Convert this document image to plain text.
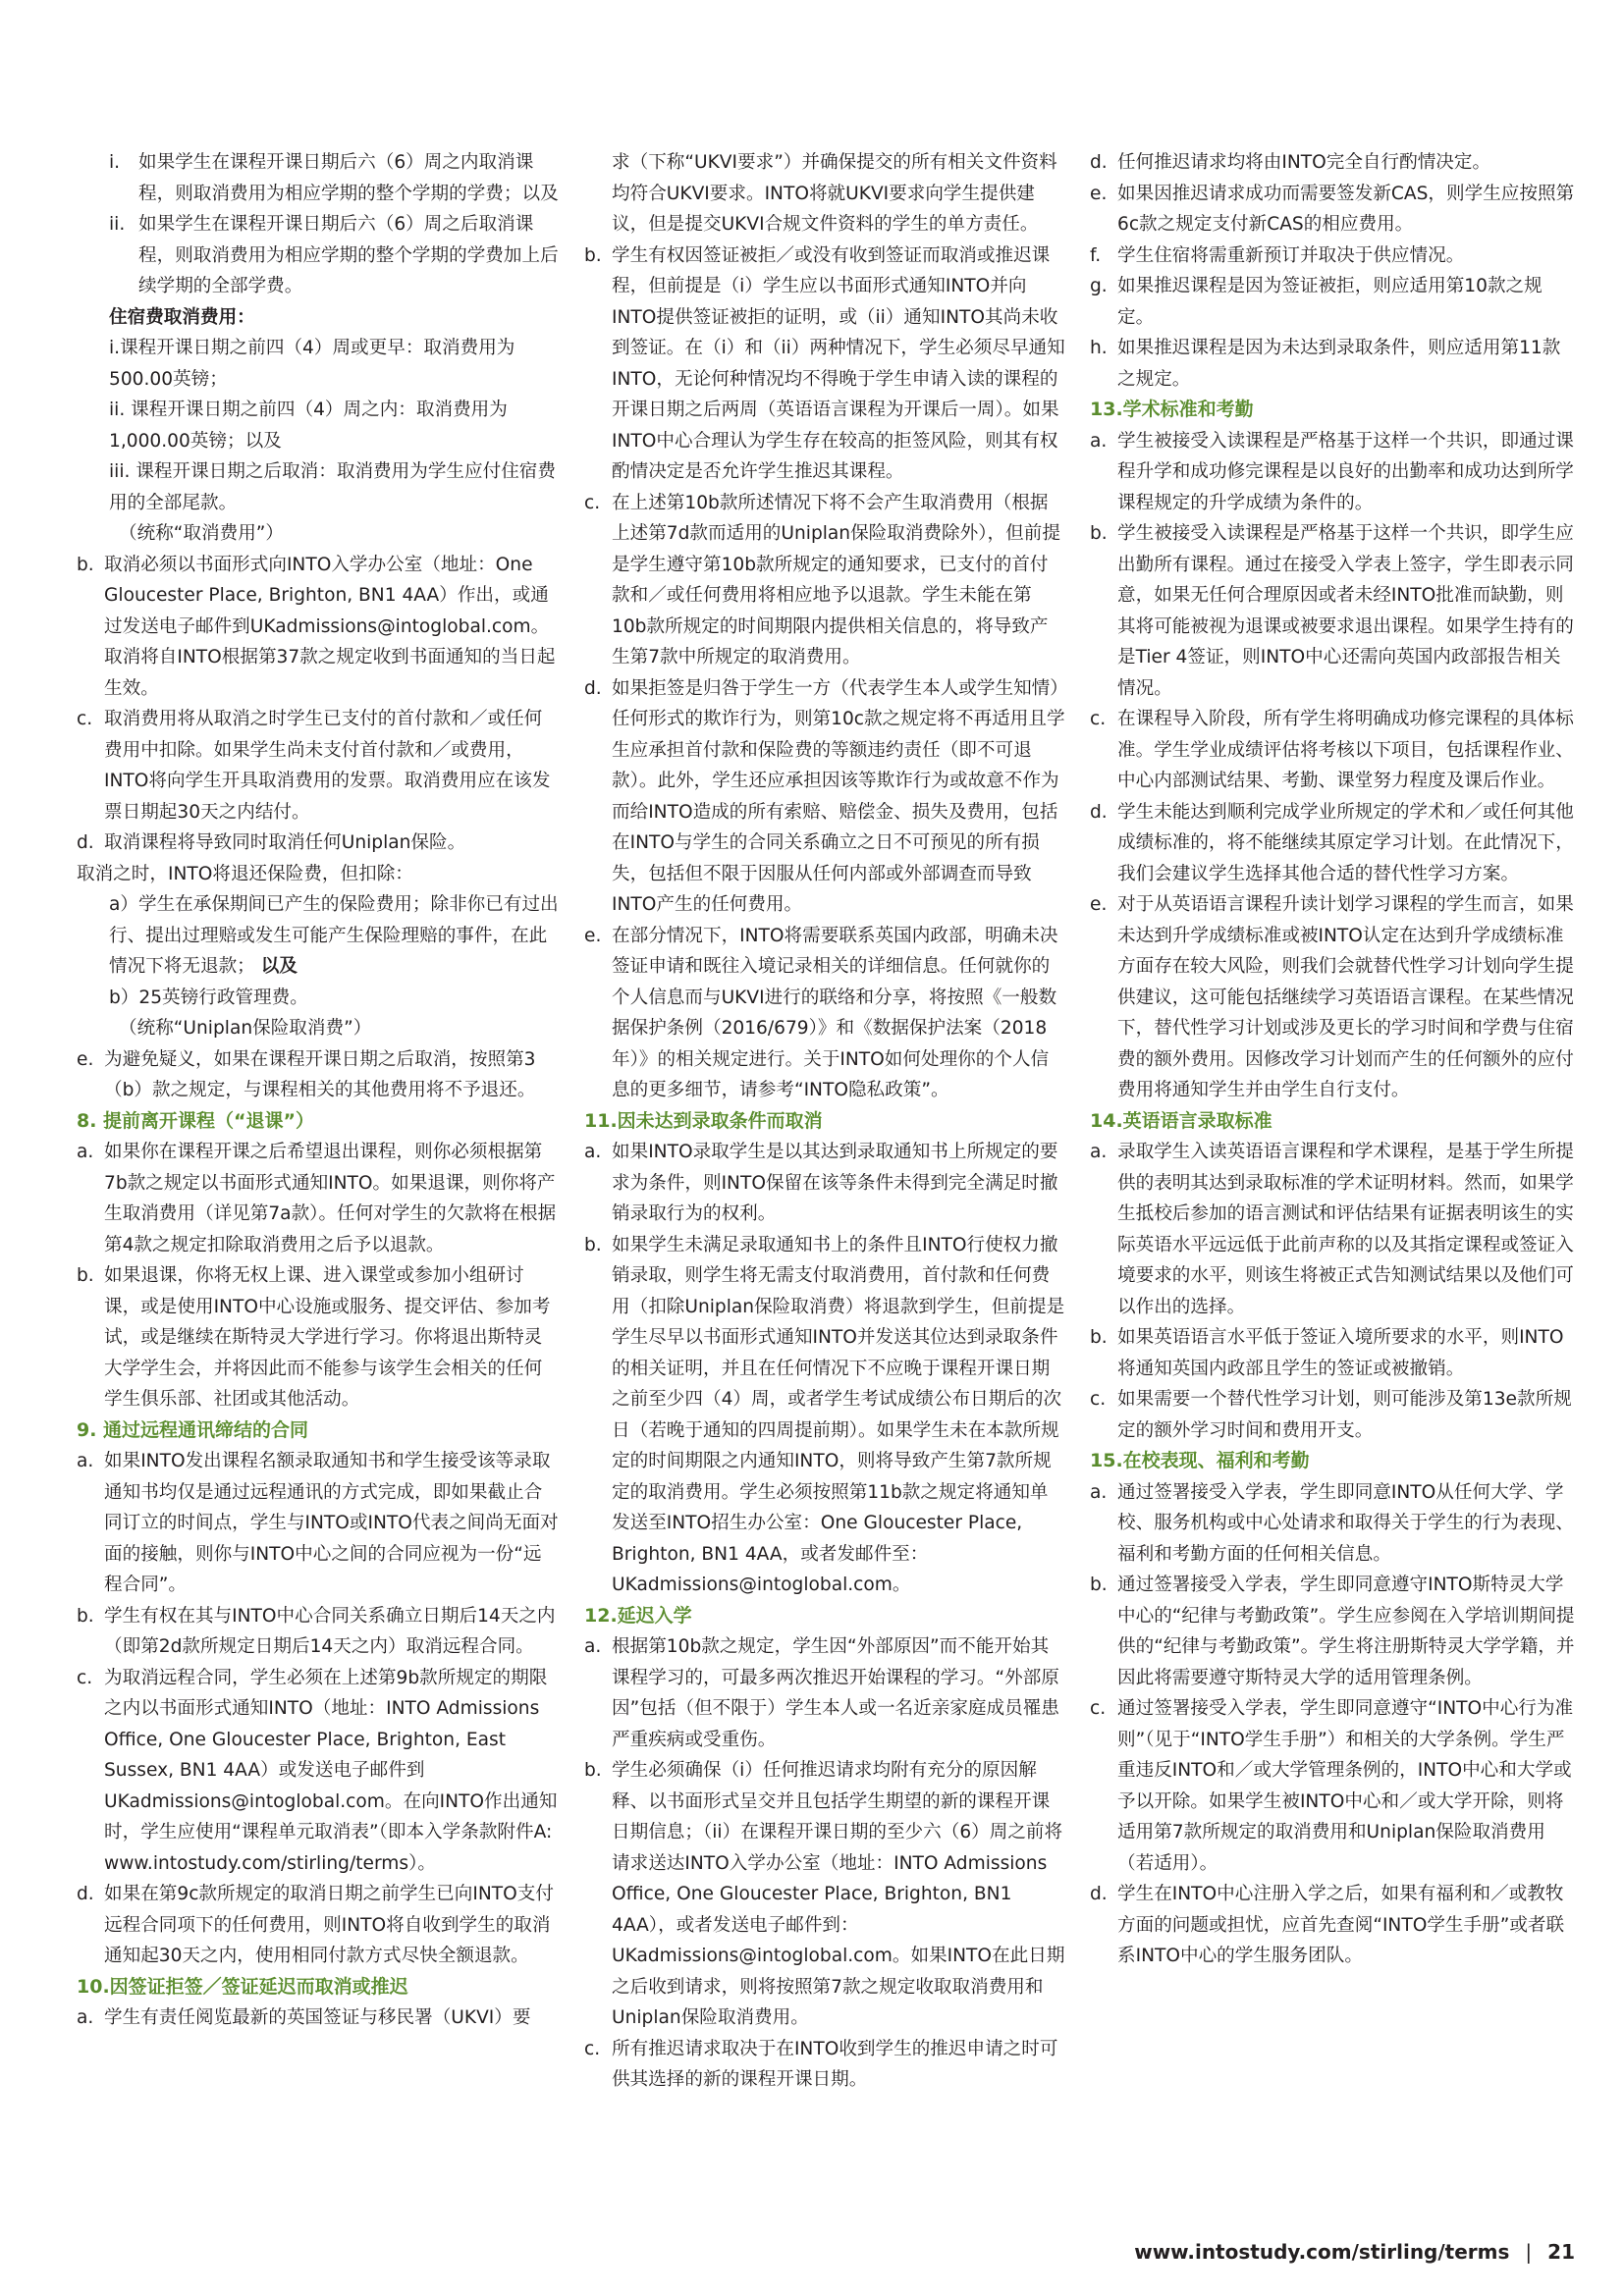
i.	如果学生在课程开课日期后六（6）周之内取消课程，则取消费用为相应学期的整个学期的学费；以及
ii. 如果学生在课程开课日期后六（6）周之后取消课程，则取消费用为相应学期的整个学期的学费加上后续学期的全部学费。
住宿费取消费用：
i.课程开课日期之前四（4）周或更早：取消费用为500.00英镑；
ii. 课程开课日期之前四（4）周之内：取消费用为1,000.00英镑；以及
iii. 课程开课日期之后取消：取消费用为学生应付住宿费用的全部尾款。
（统称“取消费用”）
b. 取消必须以书面形式向INTO入学办公室（地址：One Gloucester Place, Brighton, BN1 4AA）作出，或通过发送电子邮件到UKadmissions@intoglobal.com。取消将自INTO根据第37款之规定收到书面通知的当日起生效。
c. 取消费用将从取消之时学生已支付的首付款和／或任何费用中扣除。如果学生尚未支付首付款和／或费用，INTO将向学生开具取消费用的发票。取消费用应在该发票日期起30天之内结付。
d. 取消课程将导致同时取消任何Uniplan保险。
取消之时，INTO将退还保险费，但扣除：
a）学生在承保期间已产生的保险费用；除非你已有过出行、提出过理赔或发生可能产生保险理赔的事件，在此情况下将无退款； 以及
b）25英镑行政管理费。
（统称“Uniplan保险取消费”）
e. 为避免疑义，如果在课程开课日期之后取消，按照第3（b）款之规定，与课程相关的其他费用将不予退还。
8. 提前离开课程（“退课”）
a. 如果你在课程开课之后希望退出课程，则你必须根据第7b款之规定以书面形式通知INTO。如果退课，则你将产生取消费用（详见第7a款）。任何对学生的欠款将在根据第4款之规定扣除取消费用之后予以退款。
b. 如果退课，你将无权上课、进入课堂或参加小组研讨课，或是使用INTO中心设施或服务、提交评估、参加考试，或是继续在斯特灵大学进行学习。你将退出斯特灵大学学生会，并将因此而不能参与该学生会相关的任何学生俱乐部、社团或其他活动。
9. 通过远程通讯缔结的合同
a. 如果INTO发出课程名额录取通知书和学生接受该等录取通知书均仅是通过远程通讯的方式完成，即如果截止合同订立的时间点，学生与INTO或INTO代表之间尚无面对面的接触，则你与INTO中心之间的合同应视为一份“远程合同”。
b. 学生有权在其与INTO中心合同关系确立日期后14天之内（即第2d款所规定日期后14天之内）取消远程合同。
c. 为取消远程合同，学生必须在上述第9b款所规定的期限之内以书面形式通知INTO（地址：INTO Admissions Office, One Gloucester Place, Brighton, East Sussex, BN1 4AA）或发送电子邮件到UKadmissions@intoglobal.com。在向INTO作出通知时，学生应使用“课程单元取消表”（即本入学条款附件A: www.intostudy.com/stirling/terms）。
d. 如果在第9c款所规定的取消日期之前学生已向INTO支付远程合同项下的任何费用，则INTO将自收到学生的取消通知起30天之内，使用相同付款方式尽快全额退款。
10.因签证拒签／签证延迟而取消或推迟
a. 学生有责任阅览最新的英国签证与移民署（UKVI）要
求（下称“UKVI要求”）并确保提交的所有相关文件资料均符合UKVI要求。INTO将就UKVI要求向学生提供建议，但是提交UKVI合规文件资料的学生的单方责任。
b. 学生有权因签证被拒／或没有收到签证而取消或推迟课程，但前提是（i）学生应以书面形式通知INTO并向INTO提供签证被拒的证明，或（ii）通知INTO其尚未收到签证。在（i）和（ii）两种情况下，学生必须尽早通知INTO，无论何种情况均不得晚于学生申请入读的课程的开课日期之后两周（英语语言课程为开课后一周）。如果INTO中心合理认为学生存在较高的拒签风险，则其有权酌情决定是否允许学生推迟其课程。
c. 在上述第10b款所述情况下将不会产生取消费用（根据上述第7d款而适用的Uniplan保险取消费除外），但前提是学生遵守第10b款所规定的通知要求，已支付的首付款和／或任何费用将相应地予以退款。学生未能在第10b款所规定的时间期限内提供相关信息的，将导致产生第7款中所规定的取消费用。
d. 如果拒签是归咎于学生一方（代表学生本人或学生知情）任何形式的欺诈行为，则第10c款之规定将不再适用且学生应承担首付款和保险费的等额违约责任（即不可退款）。此外，学生还应承担因该等欺诈行为或故意不作为而给INTO造成的所有索赔、赔偿金、损失及费用，包括在INTO与学生的合同关系确立之日不可预见的所有损失，包括但不限于因服从任何内部或外部调查而导致INTO产生的任何费用。
e. 在部分情况下，INTO将需要联系英国内政部，明确未决签证申请和既往入境记录相关的详细信息。任何就你的个人信息而与UKVI进行的联络和分享，将按照《一般数据保护条例（2016/679）》和《数据保护法案（2018年）》的相关规定进行。关于INTO如何处理你的个人信息的更多细节，请参考“INTO隐私政策”。
11.因未达到录取条件而取消
a. 如果INTO录取学生是以其达到录取通知书上所规定的要求为条件，则INTO保留在该等条件未得到完全满足时撤销录取行为的权利。
b. 如果学生未满足录取通知书上的条件且INTO行使权力撤销录取，则学生将无需支付取消费用，首付款和任何费用（扣除Uniplan保险取消费）将退款到学生，但前提是学生尽早以书面形式通知INTO并发送其位达到录取条件的相关证明，并且在任何情况下不应晚于课程开课日期之前至少四（4）周，或者学生考试成绩公布日期后的次日（若晚于通知的四周提前期）。如果学生未在本款所规定的时间期限之内通知INTO，则将导致产生第7款所规定的取消费用。学生必须按照第11b款之规定将通知单发送至INTO招生办公室：One Gloucester Place, Brighton, BN1 4AA，或者发邮件至：UKadmissions@intoglobal.com。
12.延迟入学
a. 根据第10b款之规定，学生因“外部原因”而不能开始其课程学习的，可最多两次推迟开始课程的学习。“外部原因”包括（但不限于）学生本人或一名近亲家庭成员罹患严重疾病或受重伤。
b. 学生必须确保（i）任何推迟请求均附有充分的原因解释、以书面形式呈交并且包括学生期望的新的课程开课日期信息；（ii）在课程开课日期的至少六（6）周之前将请求送达INTO入学办公室（地址：INTO Admissions Office, One Gloucester Place, Brighton, BN1 4AA），或者发送电子邮件到：UKadmissions@intoglobal.com。如果INTO在此日期之后收到请求，则将按照第7款之规定收取取消费用和Uniplan保险取消费用。
c. 所有推迟请求取决于在INTO收到学生的推迟申请之时可供其选择的新的课程开课日期。
d. 任何推迟请求均将由INTO完全自行酌情决定。
e. 如果因推迟请求成功而需要签发新CAS，则学生应按照第6c款之规定支付新CAS的相应费用。
f. 学生住宿将需重新预订并取决于供应情况。
g. 如果推迟课程是因为签证被拒，则应适用第10款之规定。
h. 如果推迟课程是因为未达到录取条件，则应适用第11款之规定。
13.学术标准和考勤
a. 学生被接受入读课程是严格基于这样一个共识，即通过课程升学和成功修完课程是以良好的出勤率和成功达到所学课程规定的升学成绩为条件的。
b. 学生被接受入读课程是严格基于这样一个共识，即学生应出勤所有课程。通过在接受入学表上签字，学生即表示同意，如果无任何合理原因或者未经INTO批准而缺勤，则其将可能被视为退课或被要求退出课程。如果学生持有的是Tier 4签证，则INTO中心还需向英国内政部报告相关情况。
c. 在课程导入阶段，所有学生将明确成功修完课程的具体标准。学生学业成绩评估将考核以下项目，包括课程作业、中心内部测试结果、考勤、课堂努力程度及课后作业。
d. 学生未能达到顺利完成学业所规定的学术和／或任何其他成绩标准的，将不能继续其原定学习计划。在此情况下，我们会建议学生选择其他合适的替代性学习方案。
e. 对于从英语语言课程升读计划学习课程的学生而言，如果未达到升学成绩标准或被INTO认定在达到升学成绩标准方面存在较大风险，则我们会就替代性学习计划向学生提供建议，这可能包括继续学习英语语言课程。在某些情况下，替代性学习计划或涉及更长的学习时间和学费与住宿费的额外费用。因修改学习计划而产生的任何额外的应付费用将通知学生并由学生自行支付。
14.英语语言录取标准
a. 录取学生入读英语语言课程和学术课程，是基于学生所提供的表明其达到录取标准的学术证明材料。然而，如果学生抵校后参加的语言测试和评估结果有证据表明该生的实际英语水平远远低于此前声称的以及其指定课程或签证入境要求的水平，则该生将被正式告知测试结果以及他们可以作出的选择。
b. 如果英语语言水平低于签证入境所要求的水平，则INTO将通知英国内政部且学生的签证或被撤销。
c. 如果需要一个替代性学习计划，则可能涉及第13e款所规定的额外学习时间和费用开支。
15.在校表现、福利和考勤
a. 通过签署接受入学表，学生即同意INTO从任何大学、学校、服务机构或中心处请求和取得关于学生的行为表现、福利和考勤方面的任何相关信息。
b. 通过签署接受入学表，学生即同意遵守INTO斯特灵大学中心的“纪律与考勤政策”。学生应参阅在入学培训期间提供的“纪律与考勤政策”。学生将注册斯特灵大学学籍，并因此将需要遵守斯特灵大学的适用管理条例。
c. 通过签署接受入学表，学生即同意遵守“INTO中心行为准则”（见于“INTO学生手册”）和相关的大学条例。学生严重违反INTO和／或大学管理条例的，INTO中心和大学或予以开除。如果学生被INTO中心和／或大学开除，则将适用第7款所规定的取消费用和Uniplan保险取消费用（若适用）。
d. 学生在INTO中心注册入学之后，如果有福利和／或教牧方面的问题或担忧，应首先查阅“INTO学生手册”或者联系INTO中心的学生服务团队。
www.intostudy.com/stirling/terms | 21
